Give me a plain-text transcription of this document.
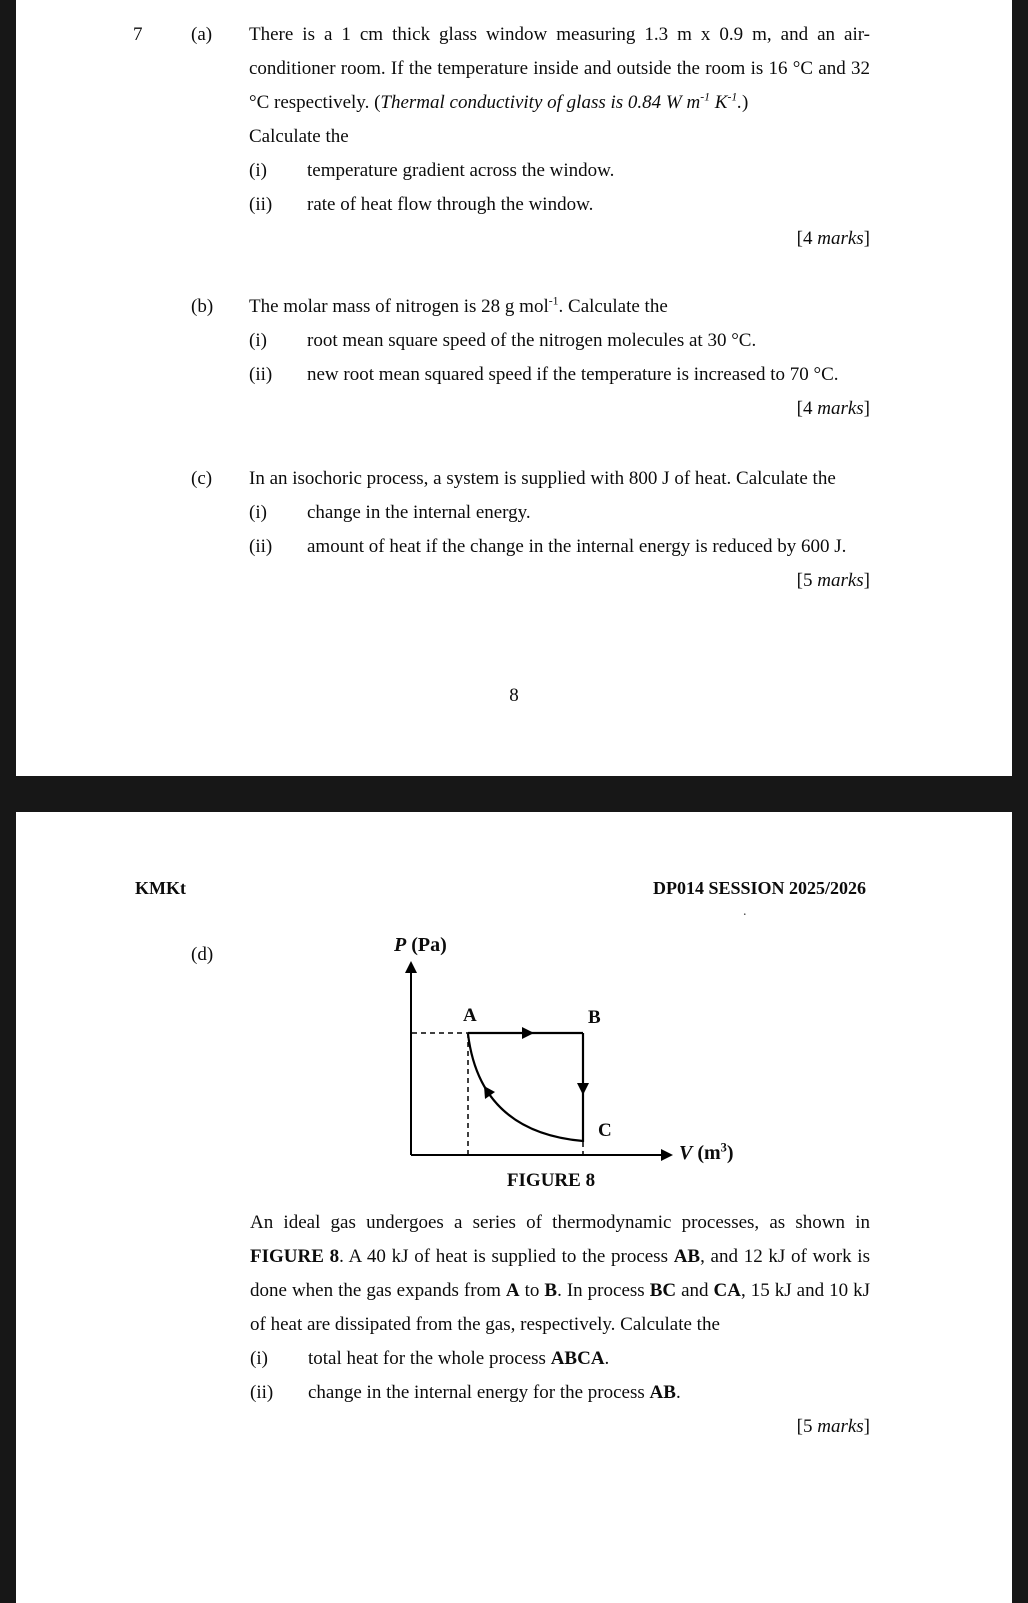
7	(a)	There is a 1 cm thick glass window measuring 1.3 m x 0.9 m, and an air-conditioner room. If the temperature inside and outside the room is 16 °C and 32 °C respectively. (Thermal conductivity of glass is 0.84 W $m^{-1}$ $K^{-1}$.)
Calculate the
(i)	temperature gradient across the window.
(ii)	rate of heat flow through the window.
[4 marks]
(b)	The molar mass of nitrogen is 28 g mol$^{-1}$. Calculate the
(i)	root mean square speed of the nitrogen molecules at 30 °C.
(ii)	new root mean squared speed if the temperature is increased to 70 °C.
[4 marks]
(c)	In an isochoric process, a system is supplied with 800 J of heat. Calculate the
(i)	change in the internal energy.
(ii)	amount of heat if the change in the internal energy is reduced by 600 J.
[5 marks]
8
KMKt	DP014 SESSION 2025/2026
.
(d)	P (Pa)
V $(m^3)$
A	B
C
FIGURE 8
An ideal gas undergoes a series of thermodynamic processes, as shown in FIGURE 8. A 40 kJ of heat is supplied to the process AB, and 12 kJ of work is done when the gas expands from A to B. In process BC and CA, 15 kJ and 10 kJ of heat are dissipated from the gas, respectively. Calculate the
(i)	total heat for the whole process ABCA.
(ii)	change in the internal energy for the process AB.
[5 marks]
